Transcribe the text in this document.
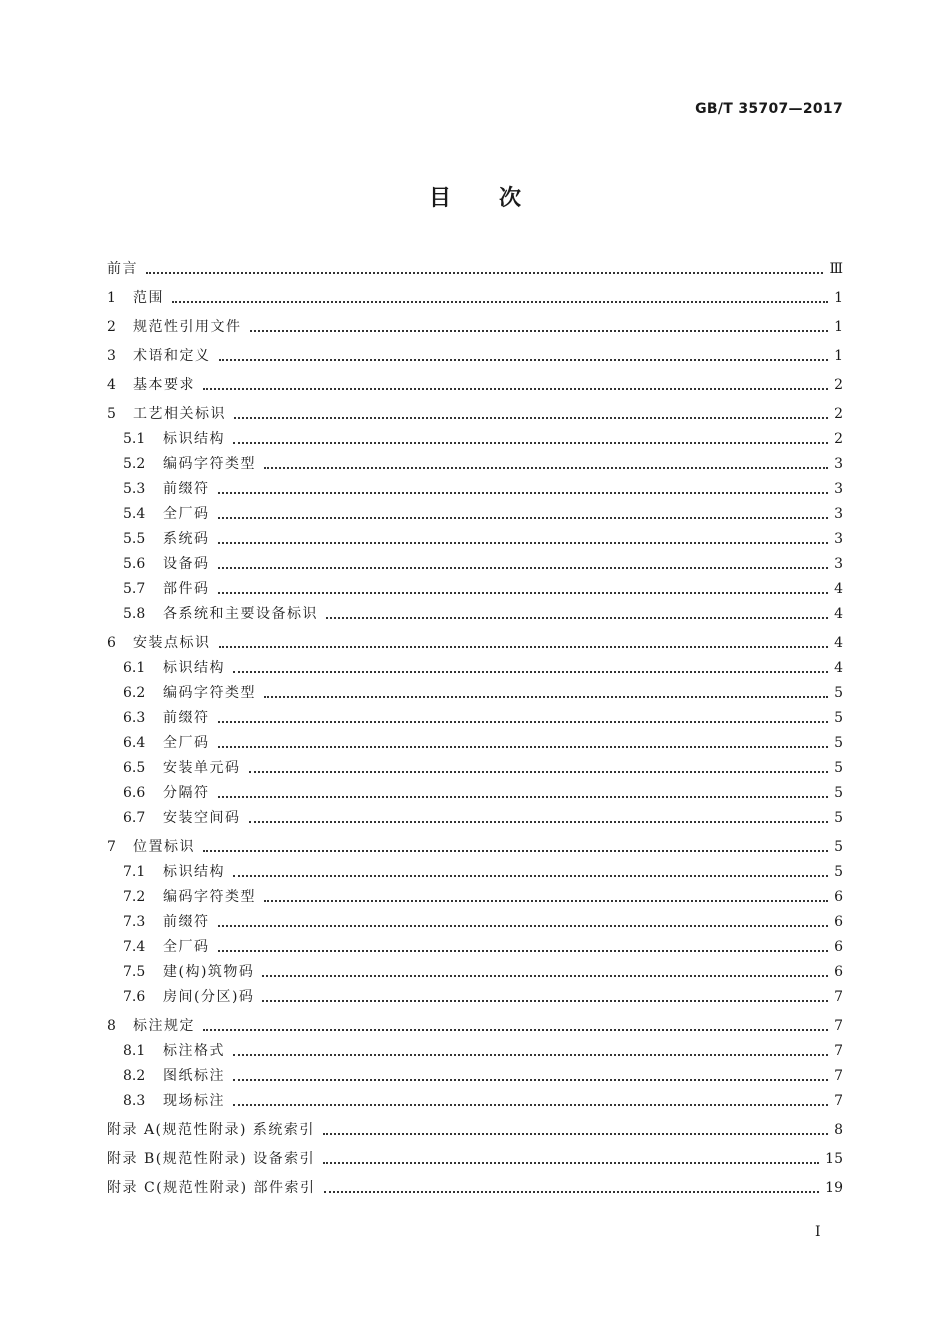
GB/T 35707—2017
目次
前言	Ⅲ
1	范围	1
2	规范性引用文件	1
3	术语和定义	1
4	基本要求	2
5	工艺相关标识	2
5.1	标识结构	2
5.2	编码字符类型	3
5.3	前缀符	3
5.4	全厂码	3
5.5	系统码	3
5.6	设备码	3
5.7	部件码	4
5.8	各系统和主要设备标识	4
6	安装点标识	4
6.1	标识结构	4
6.2	编码字符类型	5
6.3	前缀符	5
6.4	全厂码	5
6.5	安装单元码	5
6.6	分隔符	5
6.7	安装空间码	5
7	位置标识	5
7.1	标识结构	5
7.2	编码字符类型	6
7.3	前缀符	6
7.4	全厂码	6
7.5	建(构)筑物码	6
7.6	房间(分区)码	7
8	标注规定	7
8.1	标注格式	7
8.2	图纸标注	7
8.3	现场标注	7
附录 A(规范性附录) 系统索引	8
附录 B(规范性附录) 设备索引	15
附录 C(规范性附录) 部件索引	19
I
